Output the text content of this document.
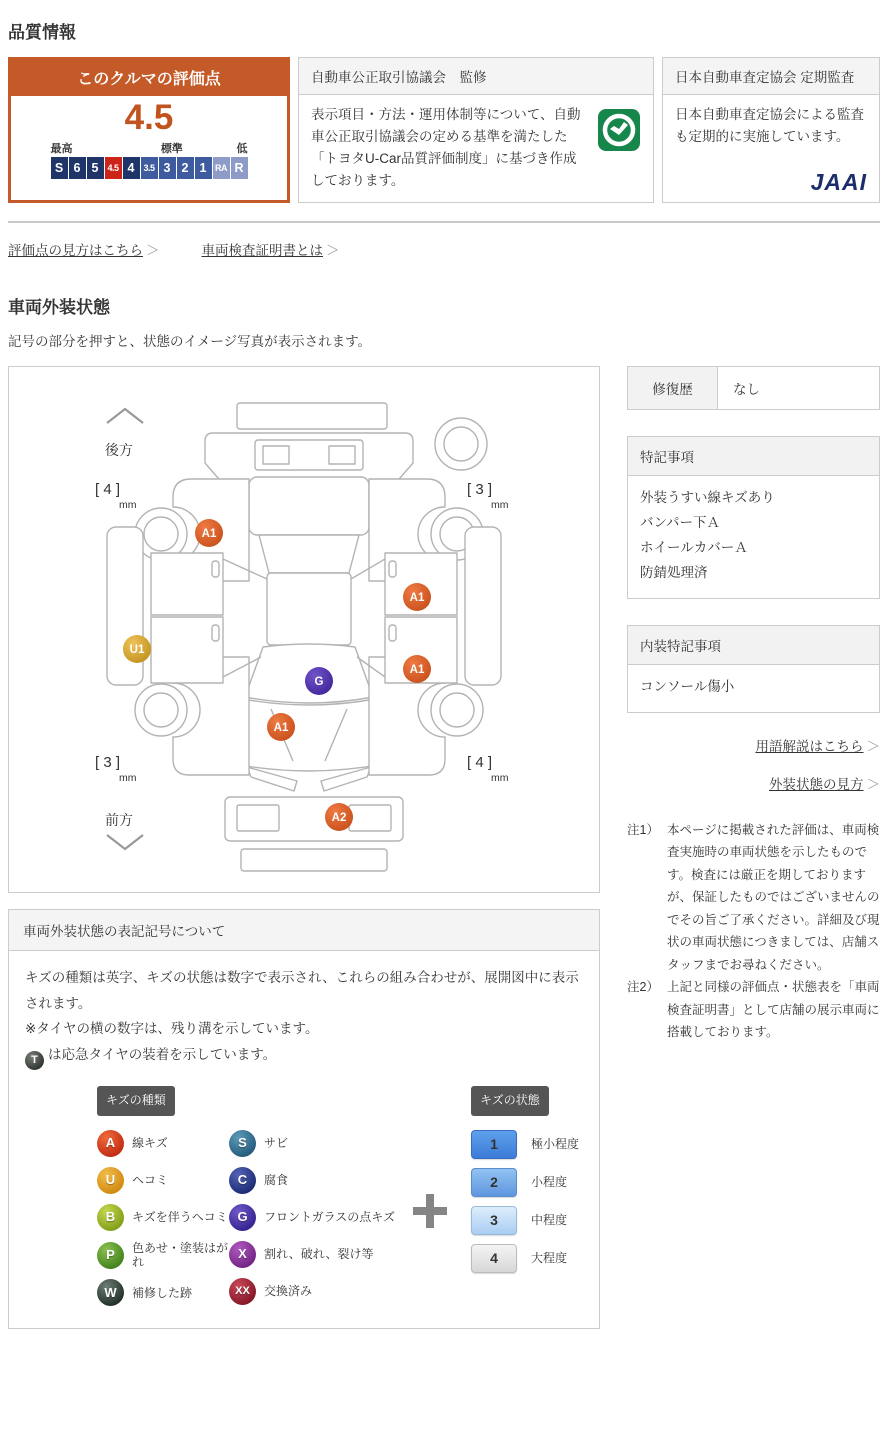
品質情報
このクルマの評価点
4.5
最高	標準	低
S 6 5	4.5 4	3.5 3 2 1 RA R
自動車公正取引協議会　監修
表示項目・方法・運用体制等について、自動車公正取引協議会の定める基準を満たした「トヨタU-Car品質評価制度」に基づき作成しております。
日本自動車査定協会 定期監査
日本自動車査定協会による監査も定期的に実施しています。
JAAI
評価点の見方はこちら ＞	車両検査証明書とは ＞
車両外装状態
記号の部分を押すと、状態のイメージ写真が表示されます。
後方
前方
[ 4 ]
mm
[ 3 ]
mm
[ 3 ]
mm
[ 4 ]
mm
A1
A1
U1
A1
G
A1
A2
車両外装状態の表記記号について
キズの種類は英字、キズの状態は数字で表示され、これらの組み合わせが、展開図中に表示されます。
※タイヤの横の数字は、残り溝を示しています。
T は応急タイヤの装着を示しています。
キズの種類
A	線キズ
U	ヘコミ
B	キズを伴うヘコミ
P	色あせ・塗装はがれ
W	補修した跡
S	サビ
C	腐食
G	フロントガラスの点キズ
X	割れ、破れ、裂け等
XX	交換済み
キズの状態
1	極小程度
2	小程度
3	中程度
4	大程度
修復歴	なし
特記事項
外装うすい線キズあり
バンパー下Ａ
ホイールカバーＡ
防錆処理済
内装特記事項
コンソール傷小
用語解説はこちら ＞
外装状態の見方 ＞
注1） 本ページに掲載された評価は、車両検査実施時の車両状態を示したものです。検査には厳正を期しておりますが、保証したものではございませんのでその旨ご了承ください。詳細及び現状の車両状態につきましては、店舗スタッフまでお尋ねください。
注2） 上記と同様の評価点・状態表を「車両検査証明書」として店舗の展示車両に搭載しております。
